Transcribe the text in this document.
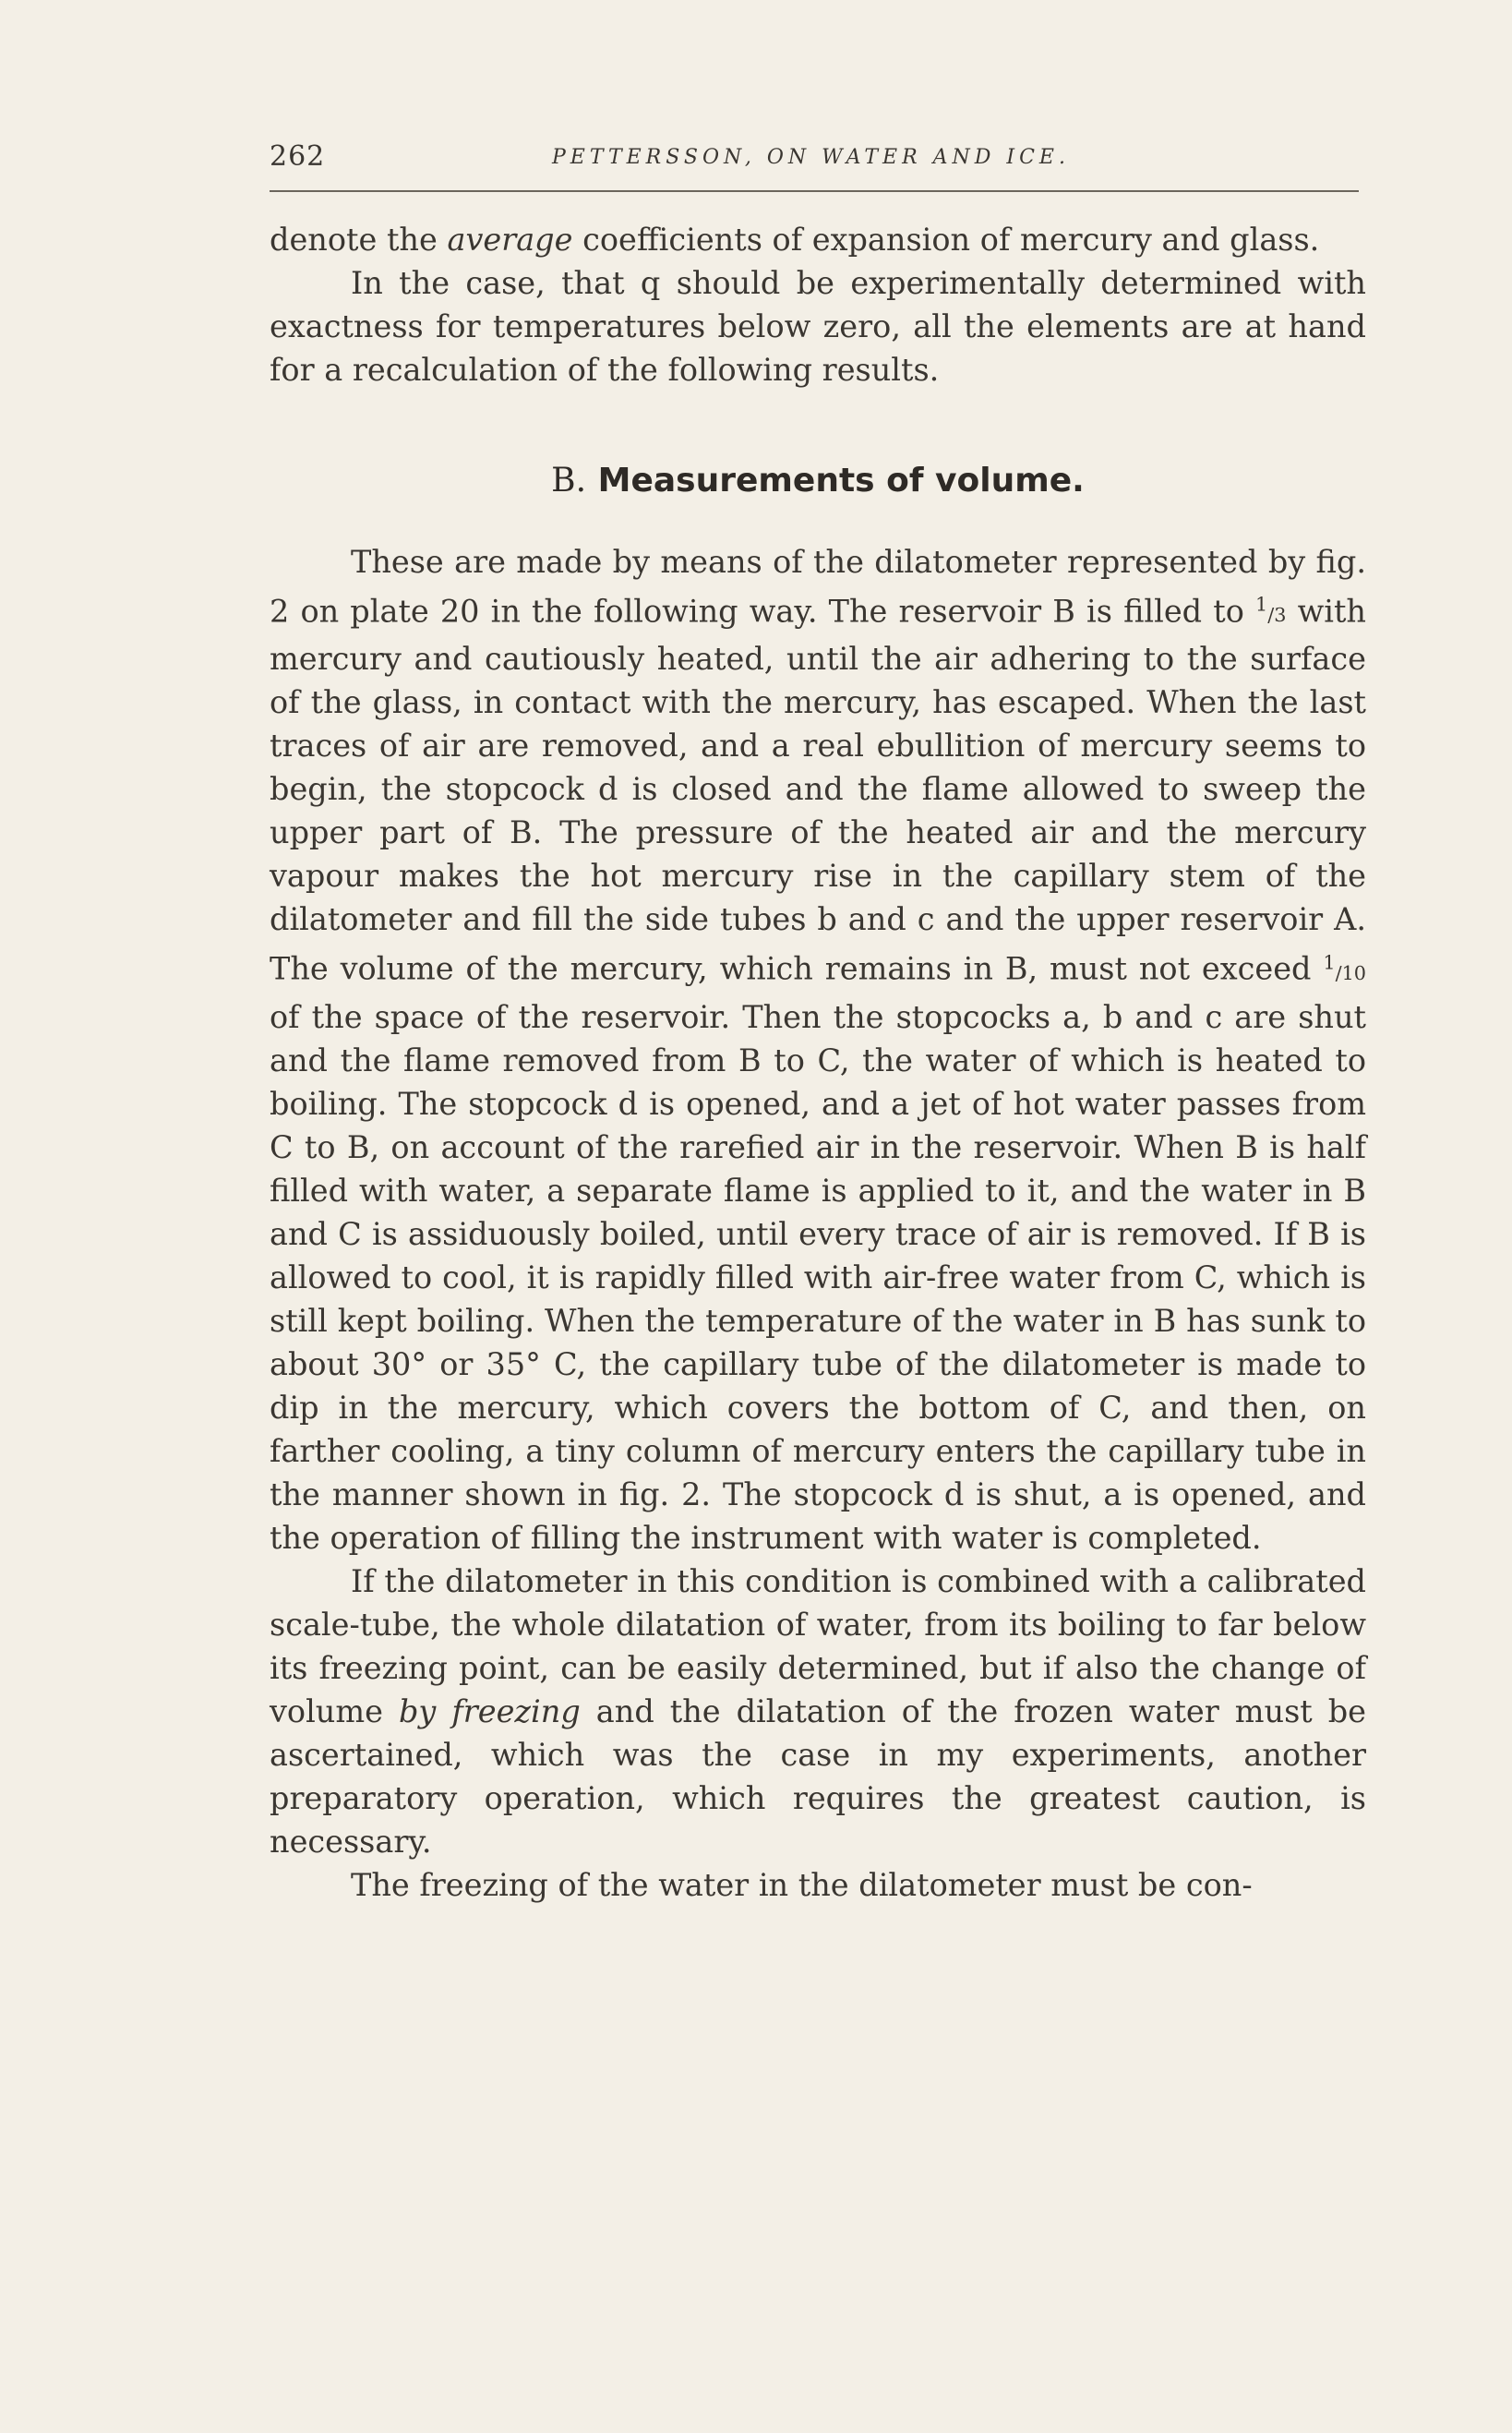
262	PETTERSSON, ON WATER AND ICE.

denote the average coefficients of expansion of mercury and glass.

In the case, that q should be experimentally determined with exactness for temperatures below zero, all the elements are at hand for a recalculation of the following results.

B. Measurements of volume.

These are made by means of the dilatometer represented by fig. 2 on plate 20 in the following way. The reservoir B is filled to 1/3 with mercury and cautiously heated, until the air adhering to the surface of the glass, in contact with the mercury, has escaped. When the last traces of air are removed, and a real ebullition of mercury seems to begin, the stopcock d is closed and the flame allowed to sweep the upper part of B. The pressure of the heated air and the mercury vapour makes the hot mercury rise in the capillary stem of the dilatometer and fill the side tubes b and c and the upper reservoir A. The volume of the mercury, which remains in B, must not exceed 1/10 of the space of the reservoir. Then the stopcocks a, b and c are shut and the flame removed from B to C, the water of which is heated to boiling. The stopcock d is opened, and a jet of hot water passes from C to B, on account of the rarefied air in the reservoir. When B is half filled with water, a separate flame is applied to it, and the water in B and C is assiduously boiled, until every trace of air is removed. If B is allowed to cool, it is rapidly filled with air-free water from C, which is still kept boiling. When the temperature of the water in B has sunk to about 30° or 35° C, the capillary tube of the dilatometer is made to dip in the mercury, which covers the bottom of C, and then, on farther cooling, a tiny column of mercury enters the capillary tube in the manner shown in fig. 2. The stopcock d is shut, a is opened, and the operation of filling the instrument with water is completed.

If the dilatometer in this condition is combined with a calibrated scale-tube, the whole dilatation of water, from its boiling to far below its freezing point, can be easily determined, but if also the change of volume by freezing and the dilatation of the frozen water must be ascertained, which was the case in my experiments, another preparatory operation, which requires the greatest caution, is necessary.

The freezing of the water in the dilatometer must be con-
